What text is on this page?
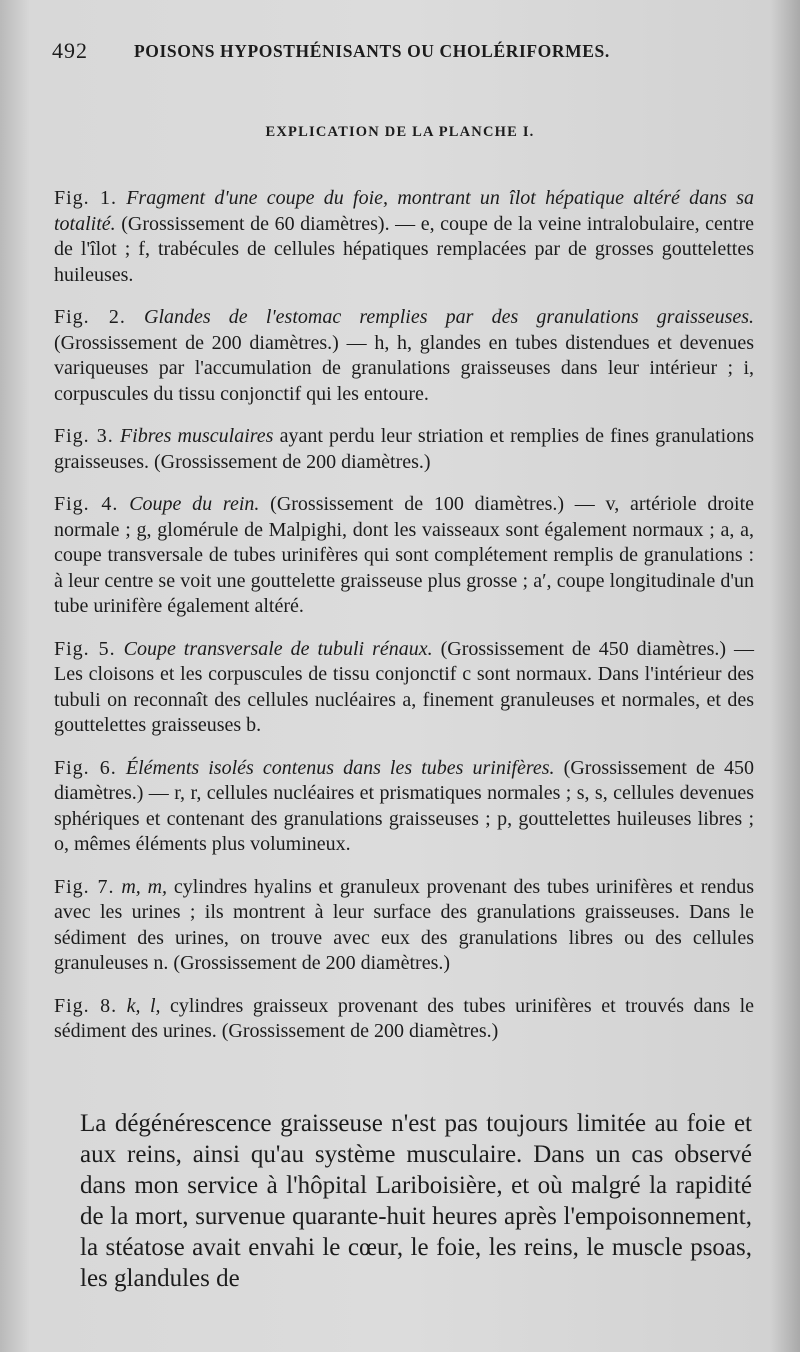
492	POISONS HYPOSTHÉNISANTS OU CHOLÉRIFORMES.
EXPLICATION DE LA PLANCHE I.

Fig. 1. Fragment d'une coupe du foie, montrant un îlot hépatique altéré dans sa totalité. (Grossissement de 60 diamètres). — e, coupe de la veine intralobulaire, centre de l'îlot ; f, trabécules de cellules hépatiques remplacées par de grosses gouttelettes huileuses.

Fig. 2. Glandes de l'estomac remplies par des granulations graisseuses. (Grossissement de 200 diamètres.) — h, h, glandes en tubes distendues et devenues variqueuses par l'accumulation de granulations graisseuses dans leur intérieur ; i, corpuscules du tissu conjonctif qui les entoure.

Fig. 3. Fibres musculaires ayant perdu leur striation et remplies de fines granulations graisseuses. (Grossissement de 200 diamètres.)

Fig. 4. Coupe du rein. (Grossissement de 100 diamètres.) — v, artériole droite normale ; g, glomérule de Malpighi, dont les vaisseaux sont également normaux ; a, a, coupe transversale de tubes urinifères qui sont complétement remplis de granulations : à leur centre se voit une gouttelette graisseuse plus grosse ; a′, coupe longitudinale d'un tube urinifère également altéré.

Fig. 5. Coupe transversale de tubuli rénaux. (Grossissement de 450 diamètres.) — Les cloisons et les corpuscules de tissu conjonctif c sont normaux. Dans l'intérieur des tubuli on reconnaît des cellules nucléaires a, finement granuleuses et normales, et des gouttelettes graisseuses b.

Fig. 6. Éléments isolés contenus dans les tubes urinifères. (Grossissement de 450 diamètres.) — r, r, cellules nucléaires et prismatiques normales ; s, s, cellules devenues sphériques et contenant des granulations graisseuses ; p, gouttelettes huileuses libres ; o, mêmes éléments plus volumineux.

Fig. 7. m, m, cylindres hyalins et granuleux provenant des tubes urinifères et rendus avec les urines ; ils montrent à leur surface des granulations graisseuses. Dans le sédiment des urines, on trouve avec eux des granulations libres ou des cellules granuleuses n. (Grossissement de 200 diamètres.)

Fig. 8. k, l, cylindres graisseux provenant des tubes urinifères et trouvés dans le sédiment des urines. (Grossissement de 200 diamètres.)

La dégénérescence graisseuse n'est pas toujours limitée au foie et aux reins, ainsi qu'au système musculaire. Dans un cas observé dans mon service à l'hôpital Lariboisière, et où malgré la rapidité de la mort, survenue quarante-huit heures après l'empoisonnement, la stéatose avait envahi le cœur, le foie, les reins, le muscle psoas, les glandules de
